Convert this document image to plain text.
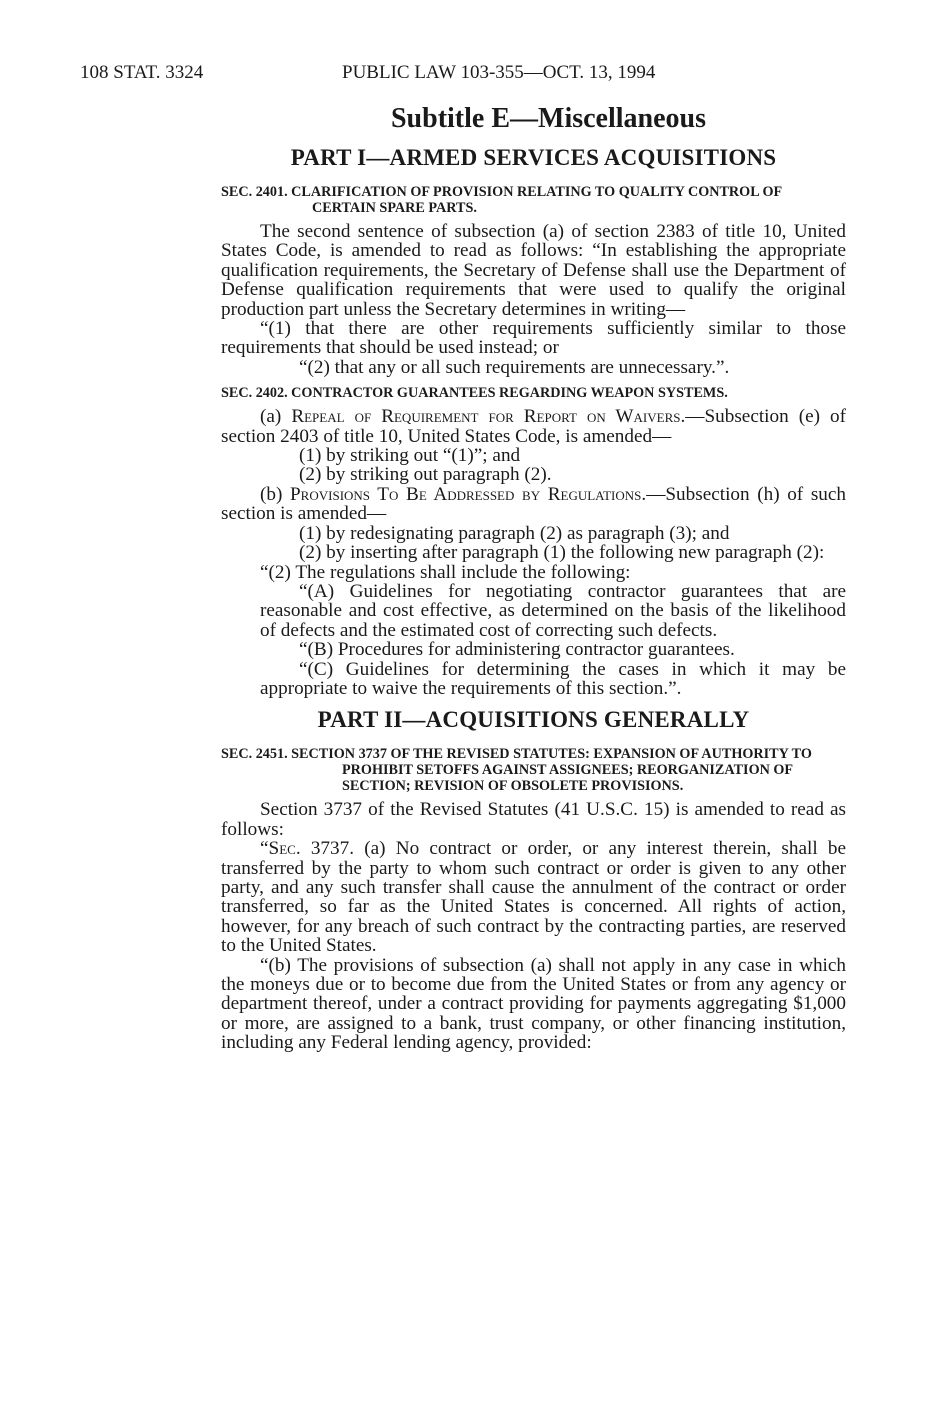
108 STAT. 3324	PUBLIC LAW 103-355—OCT. 13, 1994
Subtitle E—Miscellaneous
PART I—ARMED SERVICES ACQUISITIONS
SEC. 2401. CLARIFICATION OF PROVISION RELATING TO QUALITY CONTROL OF CERTAIN SPARE PARTS.

The second sentence of subsection (a) of section 2383 of title 10, United States Code, is amended to read as follows: “In establishing the appropriate qualification requirements, the Secretary of Defense shall use the Department of Defense qualification requirements that were used to qualify the original production part unless the Secretary determines in writing—

“(1) that there are other requirements sufficiently similar to those requirements that should be used instead; or

“(2) that any or all such requirements are unnecessary.”.

SEC. 2402. CONTRACTOR GUARANTEES REGARDING WEAPON SYSTEMS.

(a) Repeal of Requirement for Report on Waivers.—Subsection (e) of section 2403 of title 10, United States Code, is amended—

(1) by striking out “(1)”; and

(2) by striking out paragraph (2).

(b) Provisions To Be Addressed by Regulations.—Subsection (h) of such section is amended—

(1) by redesignating paragraph (2) as paragraph (3); and

(2) by inserting after paragraph (1) the following new paragraph (2):

“(2) The regulations shall include the following:

“(A) Guidelines for negotiating contractor guarantees that are reasonable and cost effective, as determined on the basis of the likelihood of defects and the estimated cost of correcting such defects.

“(B) Procedures for administering contractor guarantees.

“(C) Guidelines for determining the cases in which it may be appropriate to waive the requirements of this section.”.

PART II—ACQUISITIONS GENERALLY
SEC. 2451. SECTION 3737 OF THE REVISED STATUTES: EXPANSION OF AUTHORITY TO PROHIBIT SETOFFS AGAINST ASSIGNEES; REORGANIZATION OF SECTION; REVISION OF OBSOLETE PROVISIONS.

Section 3737 of the Revised Statutes (41 U.S.C. 15) is amended to read as follows:

“Sec. 3737. (a) No contract or order, or any interest therein, shall be transferred by the party to whom such contract or order is given to any other party, and any such transfer shall cause the annulment of the contract or order transferred, so far as the United States is concerned. All rights of action, however, for any breach of such contract by the contracting parties, are reserved to the United States.

“(b) The provisions of subsection (a) shall not apply in any case in which the moneys due or to become due from the United States or from any agency or department thereof, under a contract providing for payments aggregating $1,000 or more, are assigned to a bank, trust company, or other financing institution, including any Federal lending agency, provided:
